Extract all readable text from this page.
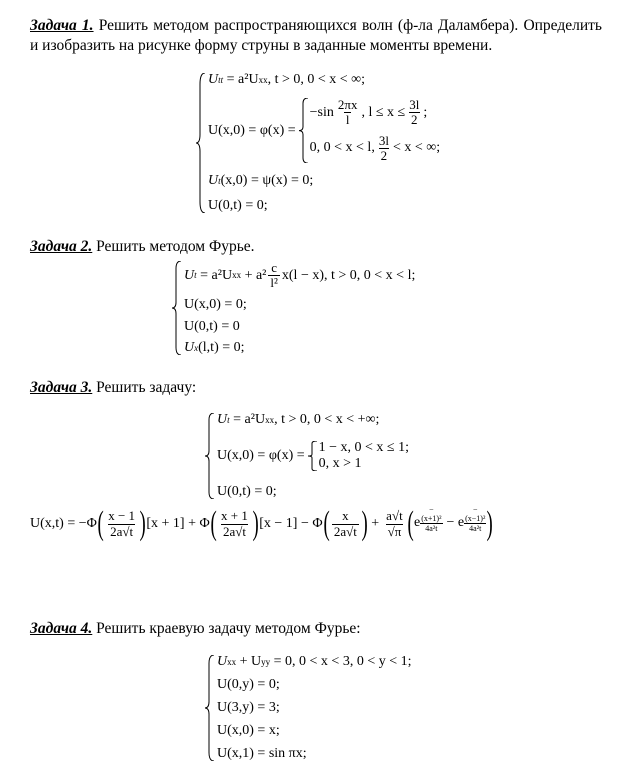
Задача 1. Решить методом распространяющихся волн (ф-ла Даламбера). Определить и изобразить на рисунке форму струны в заданные моменты времени.
U tt
= a²U xx , t > 0, 0 < x < ∞;
U(x,0) = φ(x) =
$-\sin \frac{2\pi x}{l}$ , $l \le x \le \frac{3l}{2}$ ;
0, 0 < x < l, $\frac{3l}{2} < x$ < ∞;
U t (x,0) = ψ(x) = 0;
U(0,t) = 0;
Задача 2. Решить методом Фурье.
U t
= a²U xx
+ $a^2 \frac{c}{\text{l²}} x(l - x)$, t > 0, 0 < x < l;
U(x,0) = 0;
U(0,t) = 0
U x (l,t) = 0;
Задача 3. Решить задачу:
U t
= a²U xx , t > 0, 0 < x < +∞;
U(x,0) = φ(x) =
1 − x, 0 < x ≤ 1;
0, x > 1
U(0,t) = 0;
U(x,t) = −Φ ( $\frac{x - 1}{2a√t}$ ) [x + 1] + Φ ( $\frac{x + 1}{2a√t}$ ) [x − 1] − Φ ( $\frac{x}{2a√t}$ ) + $\frac{a√t}{√\pi}$ ( e
−
(x+1)²
4a²t − e
−
(x−1)²
4a²t )
Задача 4. Решить краевую задачу методом Фурье:
U xx
+ U yy
= 0, 0 < x < 3, 0 < y < 1;
U(0,y) = 0;
U(3,y) = 3;
U(x,0) = x;
U(x,1) = sin πx;
